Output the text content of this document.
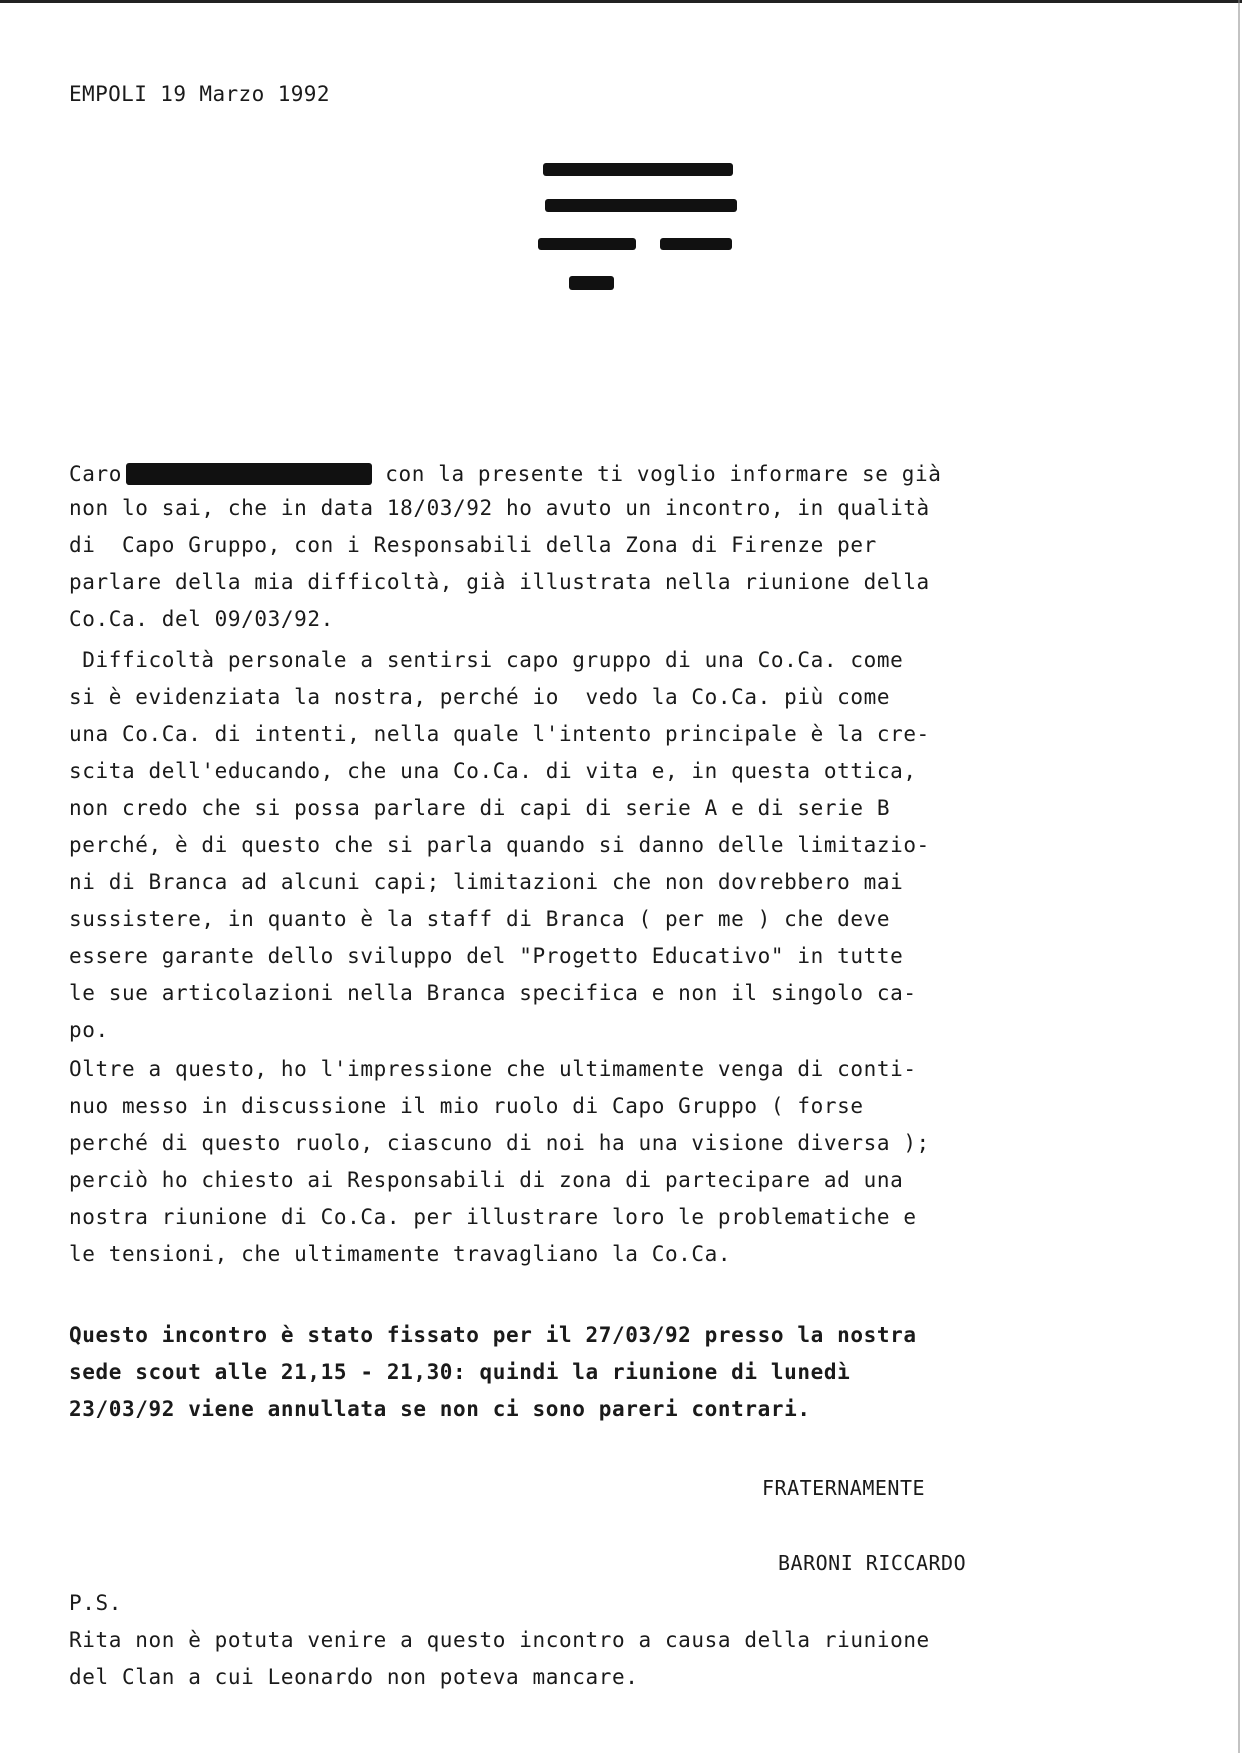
EMPOLI 19 Marzo 1992
Caro	con la presente ti voglio informare se già
non lo sai, che in data 18/03/92 ho avuto un incontro, in qualità
di  Capo Gruppo, con i Responsabili della Zona di Firenze per
parlare della mia difficoltà, già illustrata nella riunione della
Co.Ca. del 09/03/92.
Difficoltà personale a sentirsi capo gruppo di una Co.Ca. come
si è evidenziata la nostra, perché io  vedo la Co.Ca. più come
una Co.Ca. di intenti, nella quale l'intento principale è la cre-
scita dell'educando, che una Co.Ca. di vita e, in questa ottica,
non credo che si possa parlare di capi di serie A e di serie B
perché, è di questo che si parla quando si danno delle limitazio-
ni di Branca ad alcuni capi; limitazioni che non dovrebbero mai
sussistere, in quanto è la staff di Branca ( per me ) che deve
essere garante dello sviluppo del "Progetto Educativo" in tutte
le sue articolazioni nella Branca specifica e non il singolo ca-
po.
Oltre a questo, ho l'impressione che ultimamente venga di conti-
nuo messo in discussione il mio ruolo di Capo Gruppo ( forse
perché di questo ruolo, ciascuno di noi ha una visione diversa );
perciò ho chiesto ai Responsabili di zona di partecipare ad una
nostra riunione di Co.Ca. per illustrare loro le problematiche e
le tensioni, che ultimamente travagliano la Co.Ca.
Questo incontro è stato fissato per il 27/03/92 presso la nostra
sede scout alle 21,15 - 21,30: quindi la riunione di lunedì
23/03/92 viene annullata se non ci sono pareri contrari.
FRATERNAMENTE
BARONI RICCARDO
P.S.
Rita non è potuta venire a questo incontro a causa della riunione
del Clan a cui Leonardo non poteva mancare.
